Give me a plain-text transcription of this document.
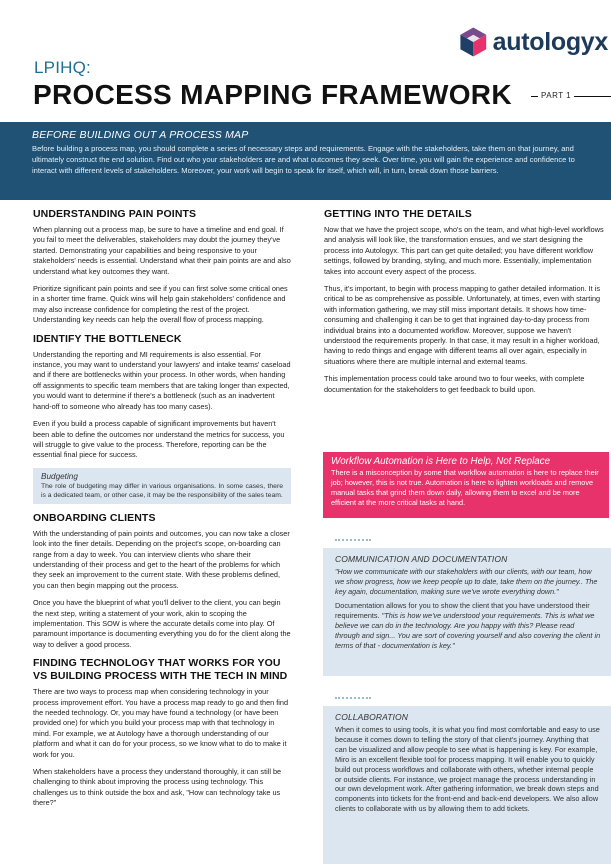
autologyx
LPIHQ:
PROCESS MAPPING FRAMEWORK	PART 1
BEFORE BUILDING OUT A PROCESS MAP
Before building a process map, you should complete a series of necessary steps and requirements. Engage with the stakeholders, take them on that journey, and ultimately construct the end solution. Find out who your stakeholders are and what outcomes they seek. Over time, you will gain the experience and confidence to interact with different levels of stakeholders. Moreover, your work will begin to speak for itself, which will, in turn, break down those barriers.
UNDERSTANDING PAIN POINTS

When planning out a process map, be sure to have a timeline and end goal. If you fail to meet the deliverables, stakeholders may doubt the journey they've started. Demonstrating your capabilities and being responsive to your stakeholders' needs is essential. Understand what their pain points are and also understand what key outcomes they want.

Prioritize significant pain points and see if you can first solve some critical ones in a shorter time frame. Quick wins will help gain stakeholders' confidence and may also increase confidence for completing the rest of the project. Understanding key needs can help the overall flow of process mapping.

IDENTIFY THE BOTTLENECK

Understanding the reporting and MI requirements is also essential. For instance, you may want to understand your lawyers' and intake teams' caseload and if there are bottlenecks within your process. In other words, when handing off assignments to specific team members that are taking longer than expected, you would want to determine if there's a bottleneck (such as an inadvertent hand-off to someone who already has too many cases).

Even if you build a process capable of significant improvements but haven't been able to define the outcomes nor understand the metrics for success, you will struggle to give value to the process. Therefore, reporting can be the essential final piece for success.

Budgeting
The role of budgeting may differ in various organisations. In some cases, there is a dedicated team, or other case, it may be the responsibility of the sales team.
ONBOARDING CLIENTS

With the understanding of pain points and outcomes, you can now take a closer look into the finer details. Depending on the project's scope, on-boarding can range from a day to week. You can interview clients who share their understanding of their process and get to the heart of the problems for which they seek an improvement to the current state. With these problems defined, you can then begin mapping out the process.

Once you have the blueprint of what you'll deliver to the client, you can begin the next step, writing a statement of your work, akin to scoping the implementation. This SOW is where the accurate details come into play. Of paramount importance is documenting everything you do for the client along the way to deliver a good process.

FINDING TECHNOLOGY THAT WORKS FOR YOU VS BUILDING PROCESS WITH THE TECH IN MIND

There are two ways to process map when considering technology in your process improvement effort. You have a process map ready to go and then find the needed technology. Or, you may have found a technology (or have been provided one) for which you build your process map with that technology in mind. For example, we at Autology have a thorough understanding of our platform and what it can do for your process, so we know what to do to make it work for you.

When stakeholders have a process they understand thoroughly, it can still be challenging to think about improving the process using technology. This challenges us to think outside the box and ask, "How can technology take us there?"

GETTING INTO THE DETAILS

Now that we have the project scope, who's on the team, and what high-level workflows and analysis will look like, the transformation ensues, and we start designing the process into Autologyx. This part can get quite detailed; you have different workflow settings, followed by branding, styling, and much more. Essentially, implementation takes into account every aspect of the process.

Thus, it's important, to begin with process mapping to gather detailed information. It is critical to be as comprehensive as possible. Unfortunately, at times, even with starting with information gathering, we may still miss important details. It shows how time-consuming and challenging it can be to get that ingrained day-to-day process from individual brains into a documented workflow. Moreover, suppose we haven't understood the requirements properly. In that case, it may result in a higher workload, having to redo things and engage with different teams all over again, especially in situations where there are multiple internal and external teams.

This implementation process could take around two to four weeks, with complete documentation for the stakeholders to get feedback to build upon.

Workflow Automation is Here to Help, Not Replace
There is a misconception by some that workflow automation is here to replace their job; however, this is not true. Automation is here to lighten workloads and remove manual tasks that grind them down daily, allowing them to excel and be more efficient at the more critical tasks at hand.
COMMUNICATION AND DOCUMENTATION
"How we communicate with our stakeholders with our clients, with our team, how we show progress, how we keep people up to date, take them on the journey.. The key again, documentation, making sure we've wrote everything down."
Documentation allows for you to show the client that you have understood their requirements. "This is how we've understood your requirements. This is what we believe we can do in the technology. Are you happy with this? Please read through and sign... You are sort of covering yourself and also covering the client in terms of that - documentation is key."
COLLABORATION
When it comes to using tools, it is what you find most comfortable and easy to use because it comes down to telling the story of that client's journey. Anything that can be visualized and allow people to see what is happening is key. For example, Miro is an excellent flexible tool for process mapping. It will enable you to quickly build out process workflows and collaborate with others, whether internal people or outside clients. For instance, we project manage the process understanding in our own development work. After gathering information, we break down steps and components into tickets for the front-end and back-end developers. We also allow clients to collaborate with us by allowing them to add tickets.
